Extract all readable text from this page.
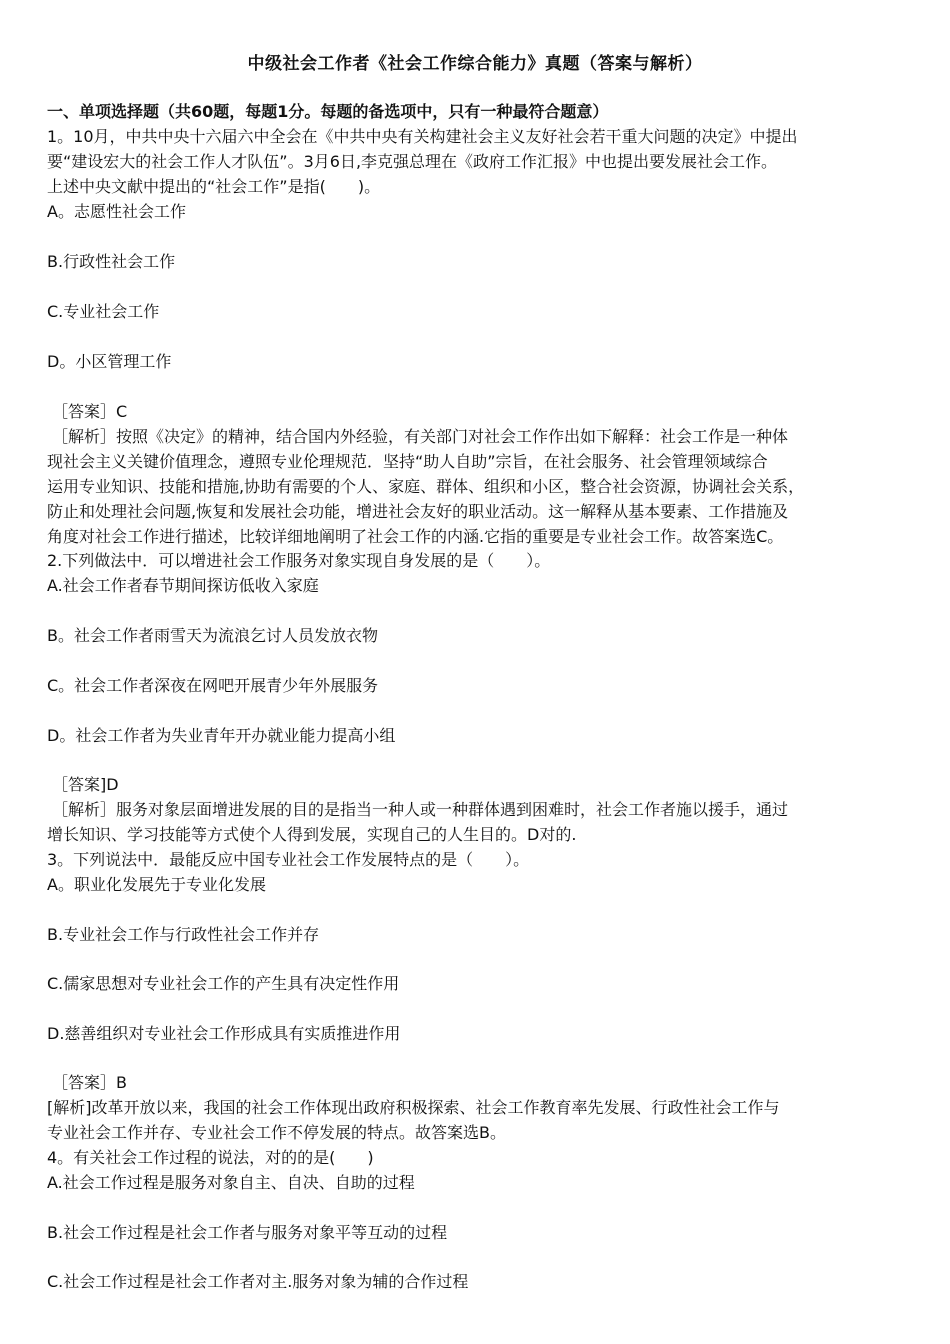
中级社会工作者《社会工作综合能力》真题（答案与解析）
一、单项选择题（共60题，每题1分。每题的备选项中，只有一种最符合题意）
1。10月，中共中央十六届六中全会在《中共中央有关构建社会主义友好社会若干重大问题的决定》中提出
要“建设宏大的社会工作人才队伍”。3月6日,李克强总理在《政府工作汇报》中也提出要发展社会工作。
上述中央文献中提出的“社会工作”是指(　　)。
A。志愿性社会工作
B.行政性社会工作
C.专业社会工作
D。小区管理工作
［答案］C
［解析］按照《决定》的精神，结合国内外经验，有关部门对社会工作作出如下解释：社会工作是一种体
现社会主义关键价值理念，遵照专业伦理规范．坚持“助人自助”宗旨，在社会服务、社会管理领域综合
运用专业知识、技能和措施,协助有需要的个人、家庭、群体、组织和小区，整合社会资源，协调社会关系，
防止和处理社会问题,恢复和发展社会功能，增进社会友好的职业活动。这一解释从基本要素、工作措施及
角度对社会工作进行描述，比较详细地阐明了社会工作的内涵.它指的重要是专业社会工作。故答案选C。
2.下列做法中．可以增进社会工作服务对象实现自身发展的是（　　）。
A.社会工作者春节期间探访低收入家庭
B。社会工作者雨雪天为流浪乞讨人员发放衣物
C。社会工作者深夜在网吧开展青少年外展服务
D。社会工作者为失业青年开办就业能力提高小组
［答案]D
［解析］服务对象层面增进发展的目的是指当一种人或一种群体遇到困难时，社会工作者施以援手，通过
增长知识、学习技能等方式使个人得到发展，实现自己的人生目的。D对的.
3。下列说法中．最能反应中国专业社会工作发展特点的是（　　）。
A。职业化发展先于专业化发展
B.专业社会工作与行政性社会工作并存
C.儒家思想对专业社会工作的产生具有决定性作用
D.慈善组织对专业社会工作形成具有实质推进作用
［答案］B
[解析]改革开放以来，我国的社会工作体现出政府积极探索、社会工作教育率先发展、行政性社会工作与
专业社会工作并存、专业社会工作不停发展的特点。故答案选B。
4。有关社会工作过程的说法，对的的是(　　)
A.社会工作过程是服务对象自主、自决、自助的过程
B.社会工作过程是社会工作者与服务对象平等互动的过程
C.社会工作过程是社会工作者对主.服务对象为辅的合作过程
